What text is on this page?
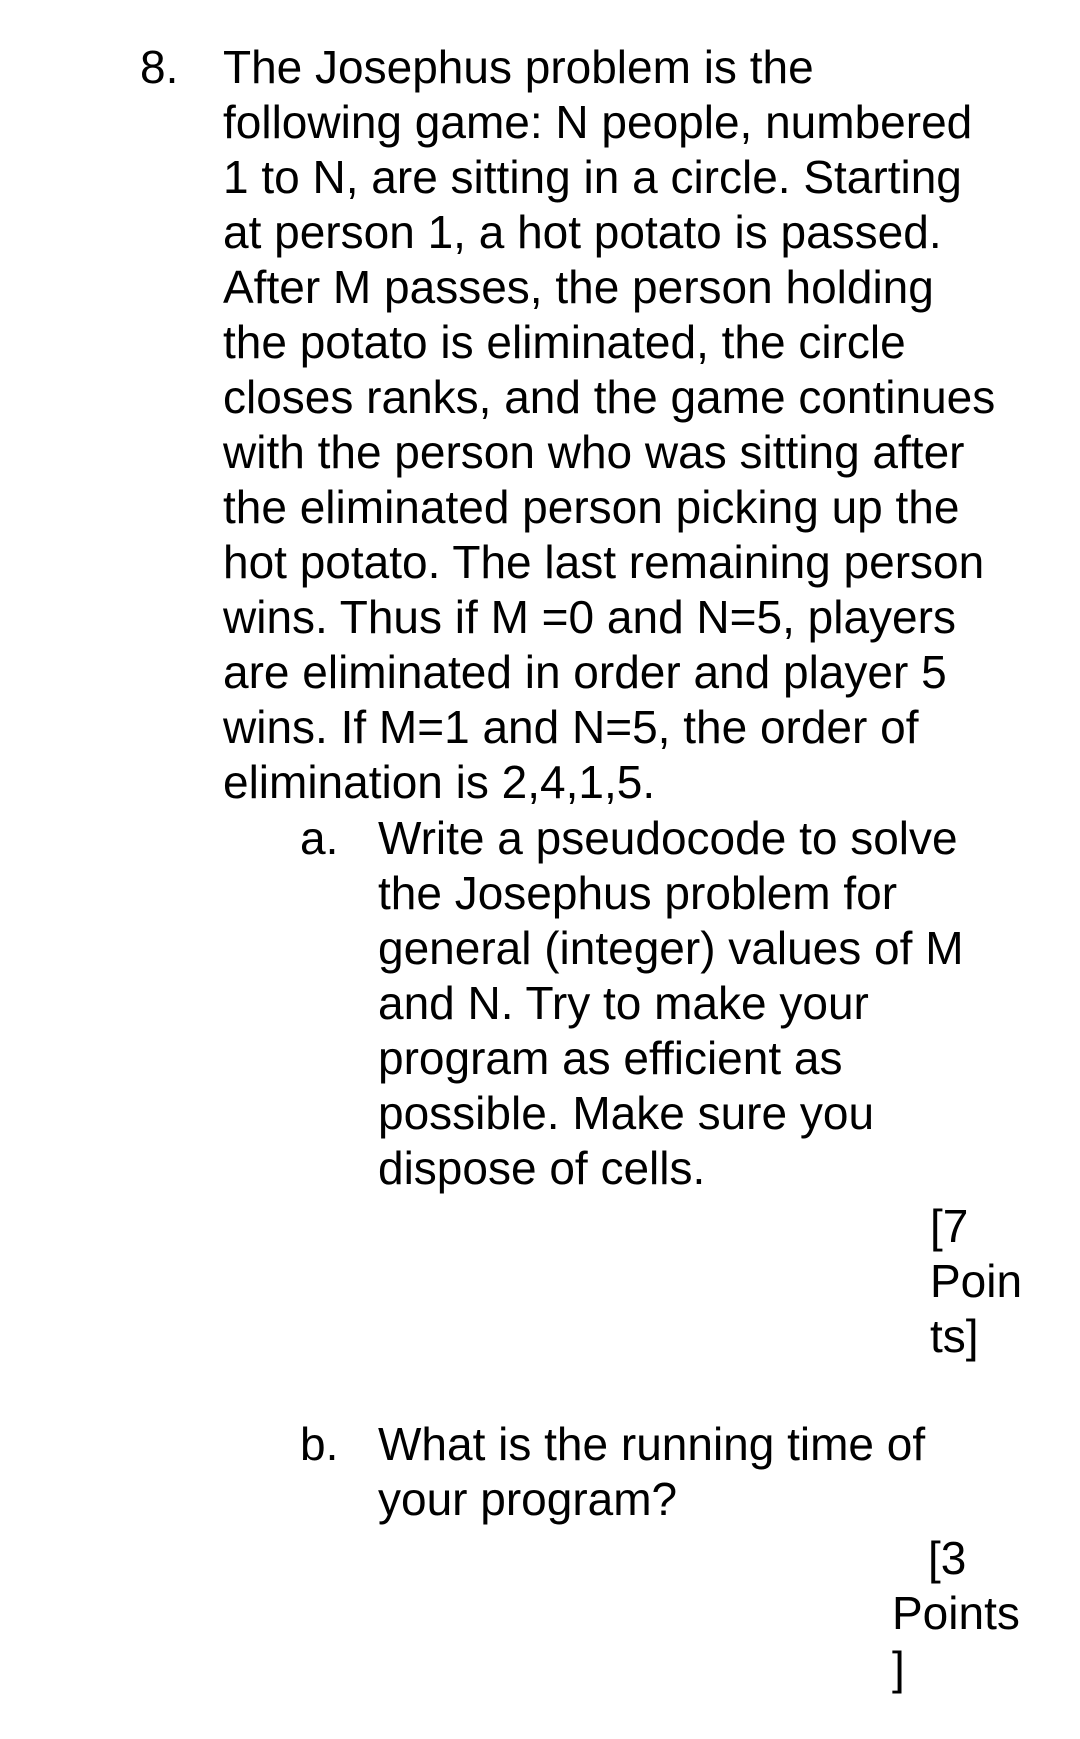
8. The Josephus problem is the
following game: N people, numbered
1 to N, are sitting in a circle. Starting
at person 1, a hot potato is passed.
After M passes, the person holding
the potato is eliminated, the circle
closes ranks, and the game continues
with the person who was sitting after
the eliminated person picking up the
hot potato. The last remaining person
wins. Thus if M =0 and N=5, players
are eliminated in order and player 5
wins. If M=1 and N=5, the order of
elimination is 2,4,1,5.
a. Write a pseudocode to solve
the Josephus problem for
general (integer) values of M
and N. Try to make your
program as efficient as
possible. Make sure you
dispose of cells.
[7
Poin
ts]
b. What is the running time of
your program?
[3
Points
]
